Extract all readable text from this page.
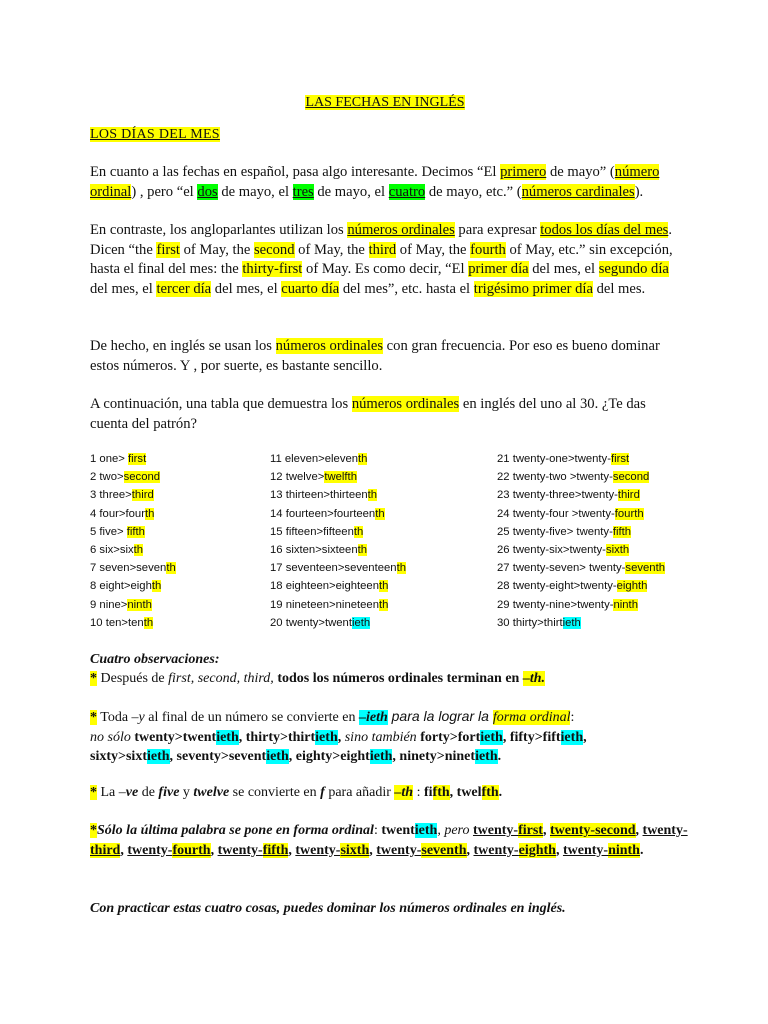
LAS FECHAS EN INGLÉS
LOS DÍAS DEL MES

En cuanto a las fechas en español, pasa algo interesante. Decimos “El primero de mayo” (número ordinal) , pero “el dos de mayo, el tres de mayo, el cuatro de mayo, etc.” (números cardinales).

En contraste, los angloparlantes utilizan los números ordinales para expresar todos los días del mes. Dicen “the first of May, the second of May, the third of May, the fourth of May, etc.” sin excepción, hasta el final del mes: the thirty-first of May. Es como decir, “El primer día del mes, el segundo día del mes, el tercer día del mes, el cuarto día del mes”, etc. hasta el trigésimo primer día del mes.

De hecho, en inglés se usan los números ordinales con gran frecuencia. Por eso es bueno dominar estos números. Y , por suerte, es bastante sencillo.

A continuación, una tabla que demuestra los números ordinales en inglés del uno al 30. ¿Te das cuenta del patrón?

1 one> first
2 two>second
3 three>third
4 four>fourth
5 five> fifth
6 six>sixth
7 seven>seventh
8 eight>eighth
9 nine>ninth
10 ten>tenth
11 eleven>eleventh
12 twelve>twelfth
13 thirteen>thirteenth
14 fourteen>fourteenth
15 fifteen>fifteenth
16 sixten>sixteenth
17 seventeen>seventeenth
18 eighteen>eighteenth
19 nineteen>nineteenth
20 twenty>twentieth
21 twenty-one>twenty-first
22 twenty-two >twenty-second
23 twenty-three>twenty-third
24 twenty-four >twenty-fourth
25 twenty-five> twenty-fifth
26 twenty-six>twenty-sixth
27 twenty-seven> twenty-seventh
28 twenty-eight>twenty-eighth
29 twenty-nine>twenty-ninth
30 thirty>thirtieth

Cuatro observaciones:

* Después de first, second, third, todos los números ordinales terminan en –th.

* Toda –y al final de un número se convierte en –ieth para la lograr la forma ordinal:
no sólo twenty>twentieth, thirty>thirtieth, sino también forty>fortieth, fifty>fiftieth,
sixty>sixtieth, seventy>seventieth, eighty>eightieth, ninety>ninetieth.

* La –ve de five y twelve se convierte en f para añadir –th : fifth, twelfth.

*Sólo la última palabra se pone en forma ordinal: twentieth, pero twenty-first, twenty-second, twenty-third, twenty-fourth, twenty-fifth, twenty-sixth, twenty-seventh, twenty-eighth, twenty-ninth.

Con practicar estas cuatro cosas, puedes dominar los números ordinales en inglés.
